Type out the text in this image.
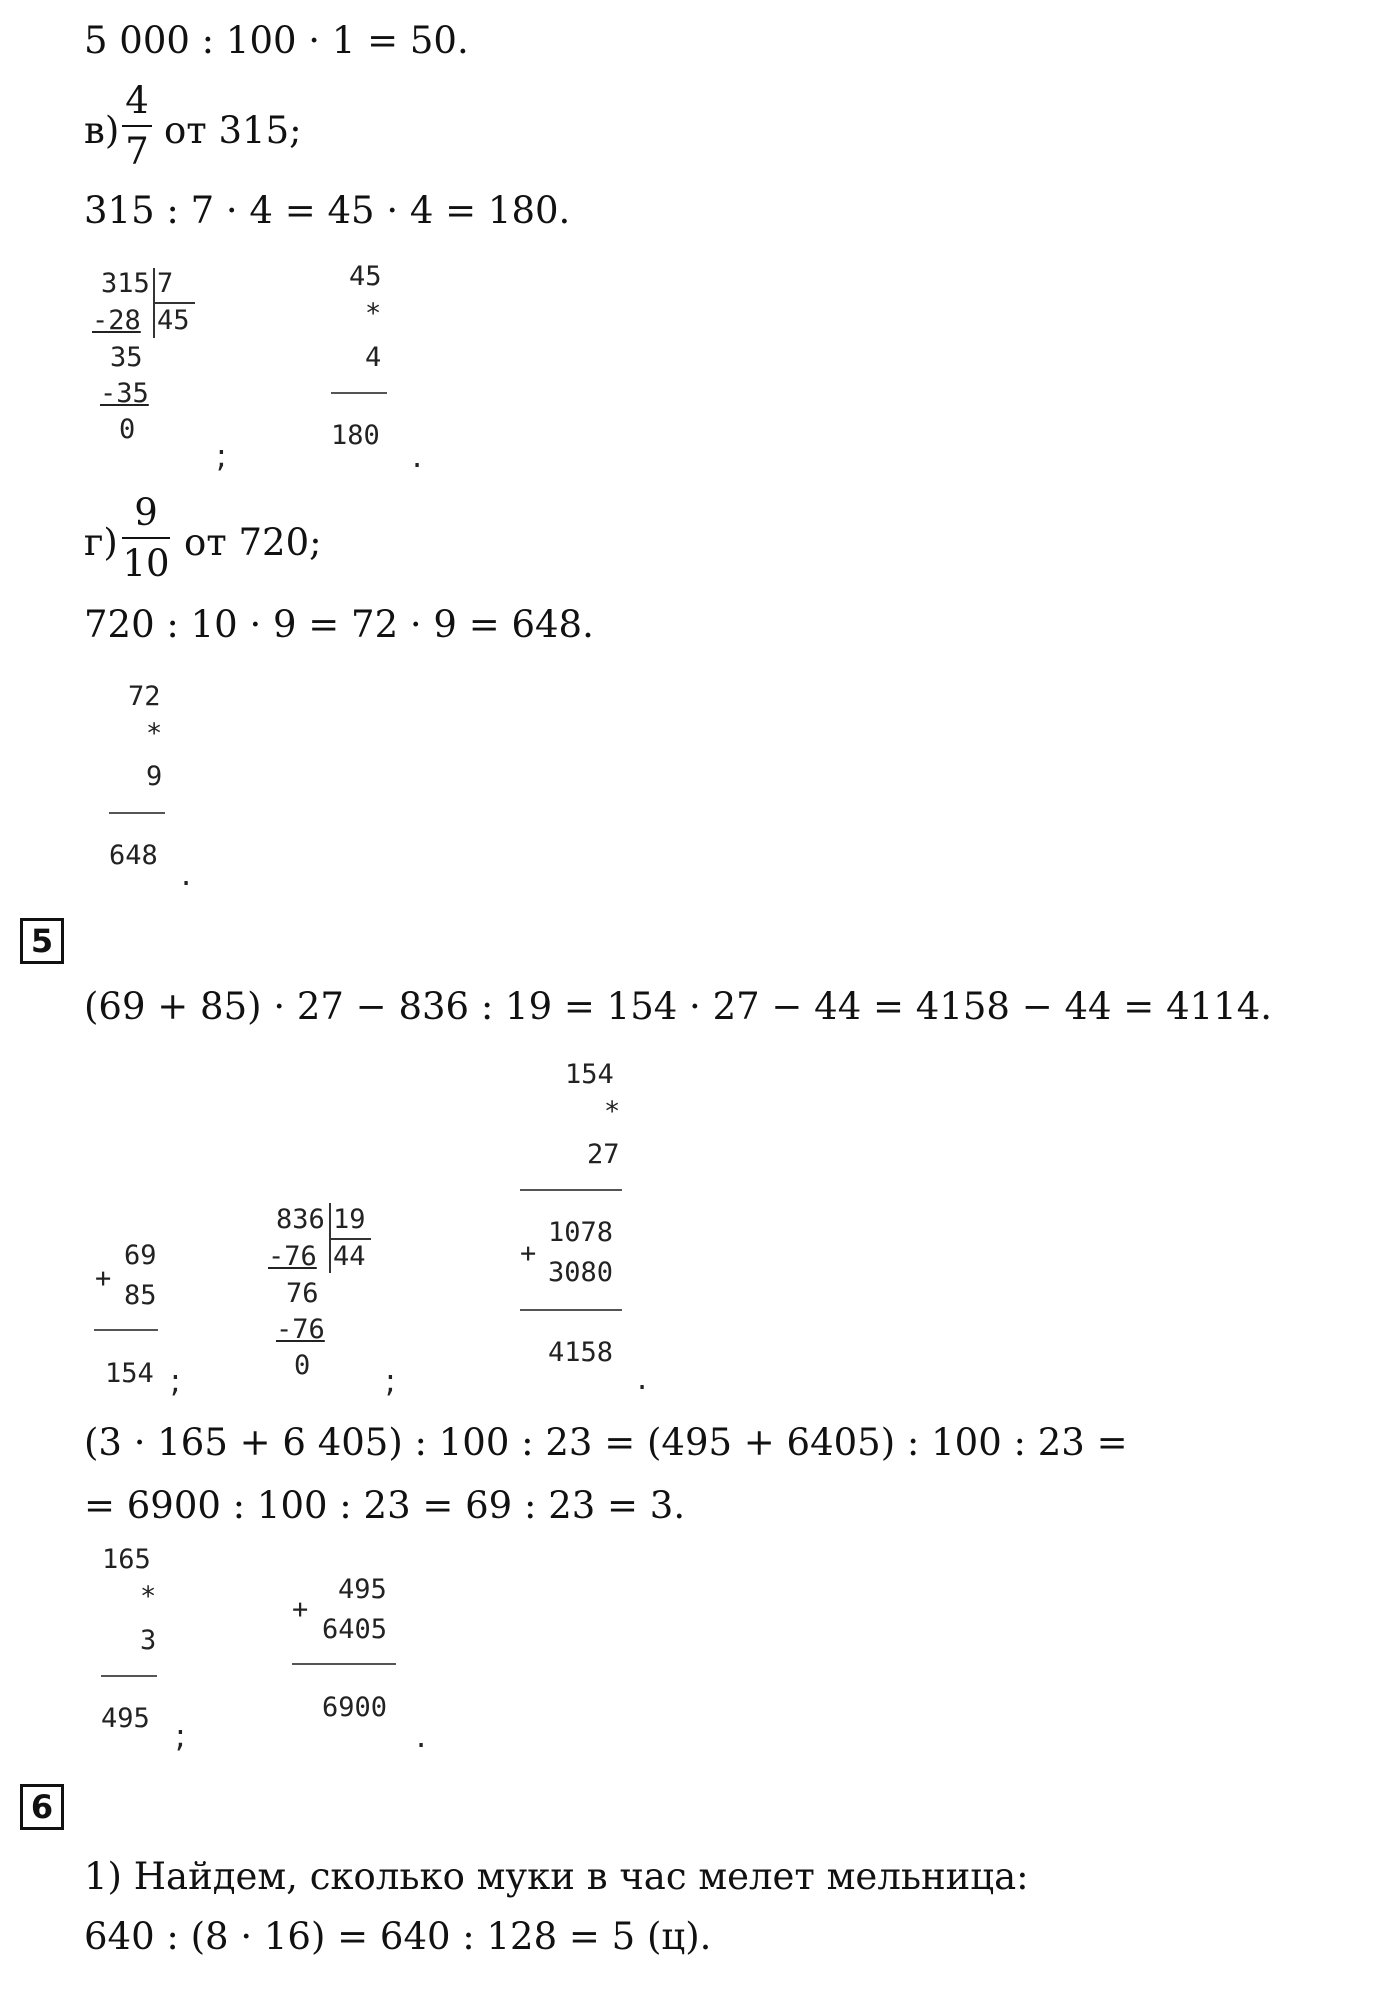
5 000 : 100 · 1 = 50.
в)
4
7 от 315;
315 : 7 · 4 = 45 · 4 = 180.
315 7
-28 45
35
-35
0
;
45
*
4
180
.
г)
9
10 от 720;
720 : 10 · 9 = 72 · 9 = 648.
72
*
9
648 .
5
(69 + 85) · 27 − 836 : 19 = 154 · 27 − 44 = 4158 − 44 = 4114.
+
69
85
154 ;
836 19
-76 44
76
-76
0 ;
154
*
27
1078
+
3080
4158
.
(3 · 165 + 6 405) : 100 : 23 = (495 + 6405) : 100 : 23 =
= 6900 : 100 : 23 = 69 : 23 = 3.
165
*
3
495 ;
+
495
6405
6900
.
6
1) Найдем, сколько муки в час мелет мельница:
640 : (8 · 16) = 640 : 128 = 5 (ц).
